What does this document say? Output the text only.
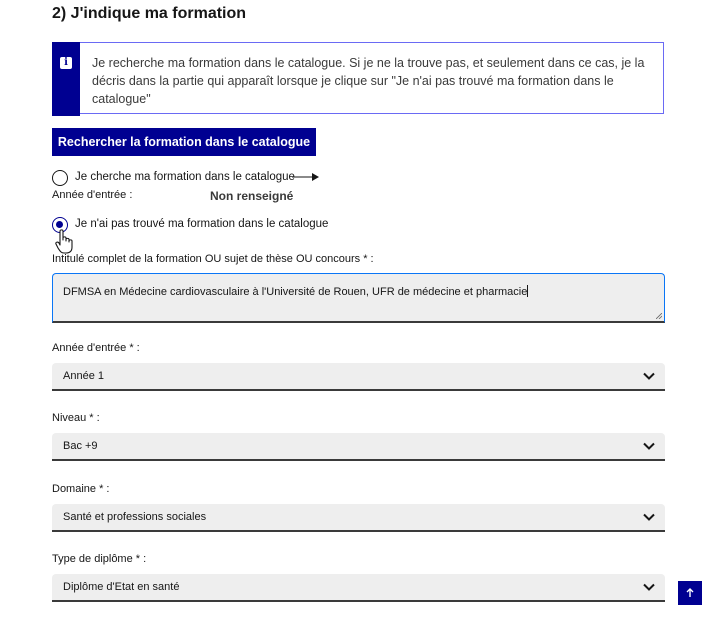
2) J'indique ma formation
i	Je recherche ma formation dans le catalogue. Si je ne la trouve pas, et seulement dans ce cas, je la décris dans la partie qui apparaît lorsque je clique sur "Je n'ai pas trouvé ma formation dans le catalogue"
Rechercher la formation dans le catalogue
Je cherche ma formation dans le catalogue
Année d'entrée :	Non renseigné
Je n'ai pas trouvé ma formation dans le catalogue
Intitulé complet de la formation OU sujet de thèse OU concours * :
DFMSA en Médecine cardiovasculaire à l'Université de Rouen, UFR de médecine et pharmacie
Année d'entrée * :
Année 1
Niveau * :
Bac +9
Domaine * :
Santé et professions sociales
Type de diplôme * :
Diplôme d'Etat en santé
